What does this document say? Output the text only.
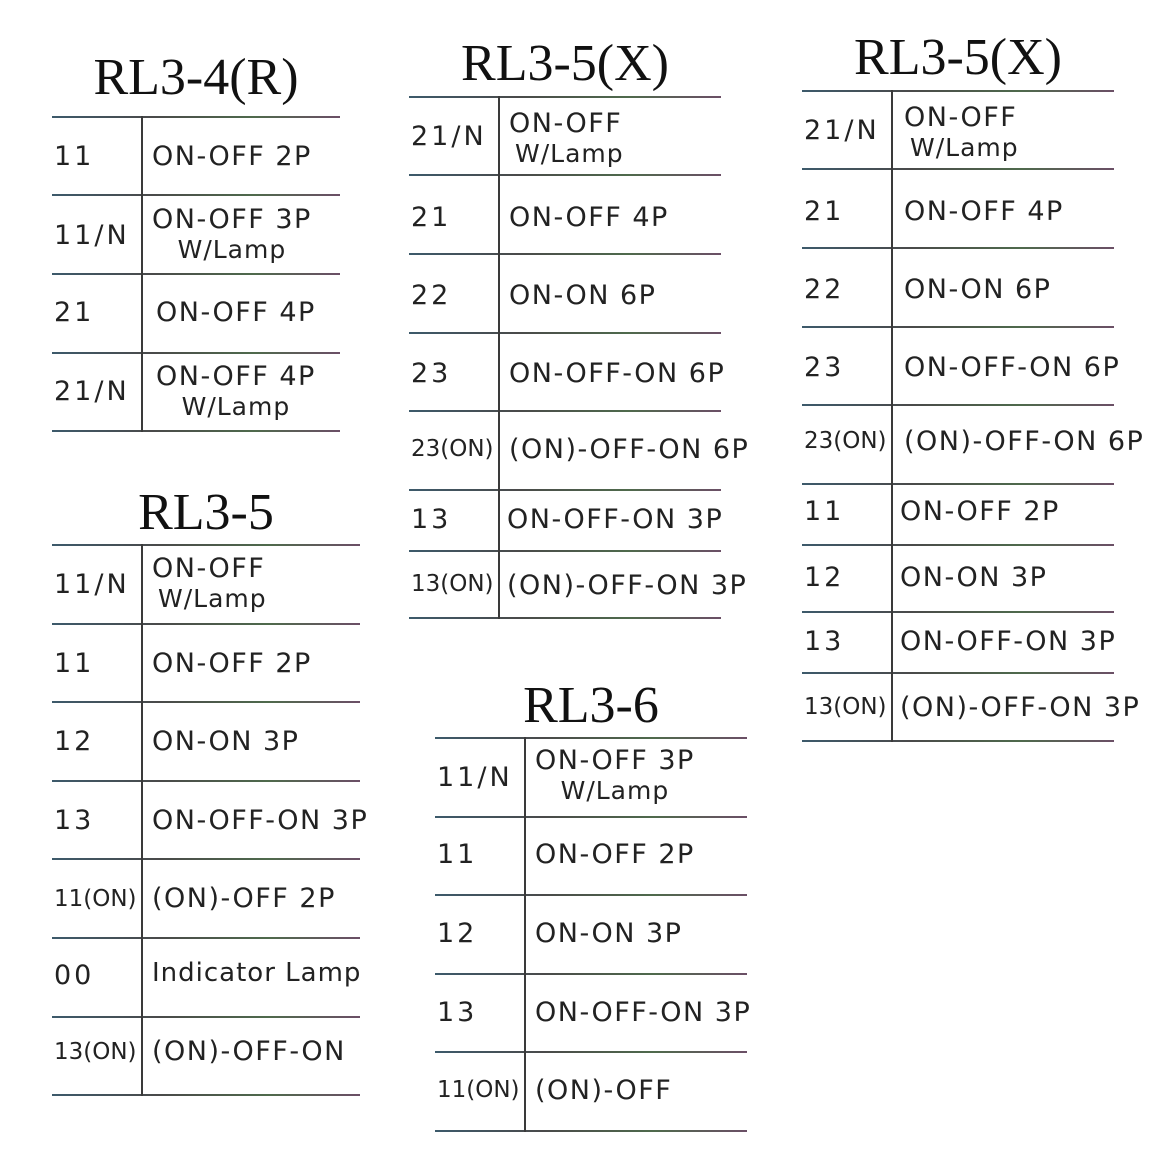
RL3-4(R)
11 ON-OFF 2P
11/N
ON-OFF 3P
W/Lamp
21 ON-OFF 4P
21/N ON-OFF 4P
W/Lamp
RL3-5
11/N
ON-OFF
W/Lamp
11 ON-OFF 2P
12 ON-ON 3P
13 ON-OFF-ON 3P
11(ON) (ON)-OFF 2P
00 Indicator Lamp
13(ON) (ON)-OFF-ON
RL3-5(X)
21/N ON-OFF
W/Lamp
21 ON-OFF 4P
22 ON-ON 6P
23 ON-OFF-ON 6P
23(ON) (ON)-OFF-ON 6P
13 ON-OFF-ON 3P
13(ON) (ON)-OFF-ON 3P
RL3-6
11/N
ON-OFF 3P
W/Lamp
11 ON-OFF 2P
12 ON-ON 3P
13 ON-OFF-ON 3P
11(ON) (ON)-OFF
RL3-5(X)
21/N ON-OFF
W/Lamp
21 ON-OFF 4P
22 ON-ON 6P
23 ON-OFF-ON 6P
23(ON) (ON)-OFF-ON 6P
11 ON-OFF 2P
12 ON-ON 3P
13 ON-OFF-ON 3P
13(ON) (ON)-OFF-ON 3P
